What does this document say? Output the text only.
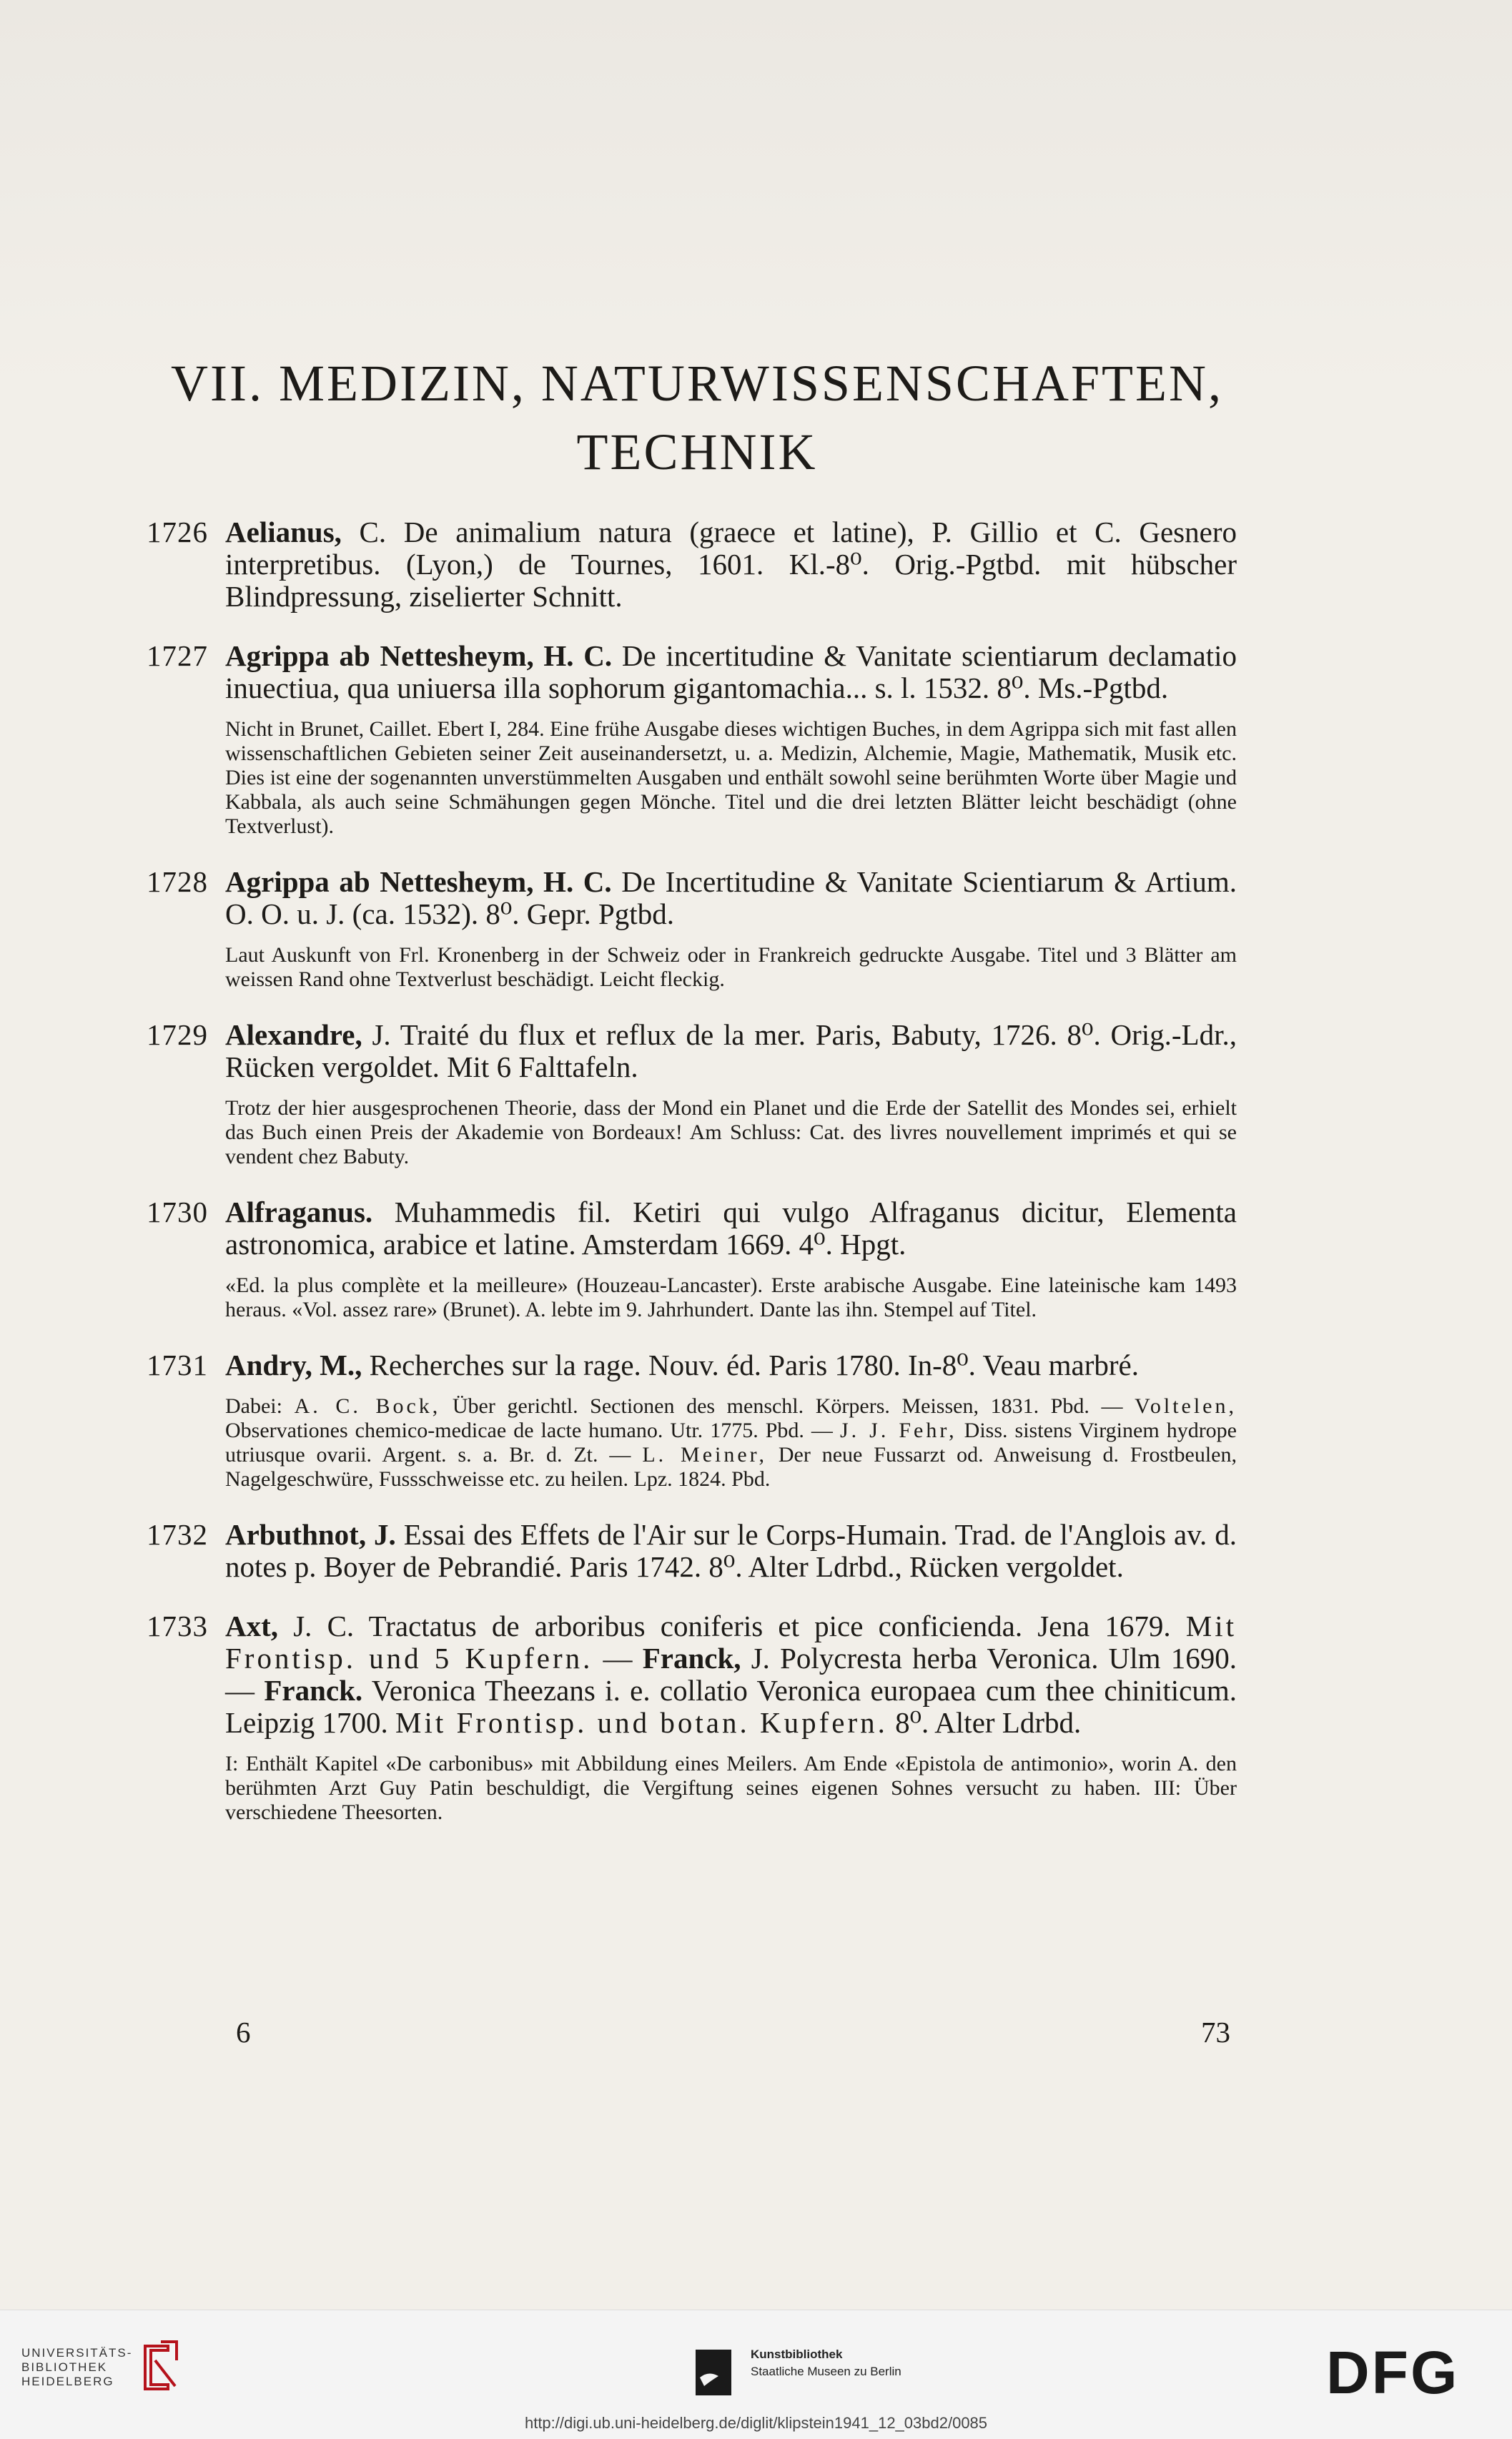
VII. MEDIZIN, NATURWISSENSCHAFTEN,
TECHNIK
1726 Aelianus, C. De animalium natura (graece et latine), P. Gillio et C. Gesnero interpretibus. (Lyon,) de Tournes, 1601. Kl.-8⁰. Orig.-Pgtbd. mit hübscher Blindpressung, ziselierter Schnitt.

1727 Agrippa ab Nettesheym, H. C. De incertitudine & Vanitate scientiarum declamatio inuectiua, qua uniuersa illa sophorum gigantomachia... s. l. 1532. 8⁰. Ms.-Pgtbd.

Nicht in Brunet, Caillet. Ebert I, 284. Eine frühe Ausgabe dieses wichtigen Buches, in dem Agrippa sich mit fast allen wissenschaftlichen Gebieten seiner Zeit auseinandersetzt, u. a. Medizin, Alchemie, Magie, Mathematik, Musik etc. Dies ist eine der sogenannten unverstümmelten Ausgaben und enthält sowohl seine berühmten Worte über Magie und Kabbala, als auch seine Schmähungen gegen Mönche. Titel und die drei letzten Blätter leicht beschädigt (ohne Textverlust).

1728 Agrippa ab Nettesheym, H. C. De Incertitudine & Vanitate Scientiarum & Artium. O. O. u. J. (ca. 1532). 8⁰. Gepr. Pgtbd.

Laut Auskunft von Frl. Kronenberg in der Schweiz oder in Frankreich gedruckte Ausgabe. Titel und 3 Blätter am weissen Rand ohne Textverlust beschädigt. Leicht fleckig.

1729 Alexandre, J. Traité du flux et reflux de la mer. Paris, Babuty, 1726. 8⁰. Orig.-Ldr., Rücken vergoldet. Mit 6 Falttafeln.

Trotz der hier ausgesprochenen Theorie, dass der Mond ein Planet und die Erde der Satellit des Mondes sei, erhielt das Buch einen Preis der Akademie von Bordeaux! Am Schluss: Cat. des livres nouvellement imprimés et qui se vendent chez Babuty.

1730 Alfraganus. Muhammedis fil. Ketiri qui vulgo Alfraganus dicitur, Elementa astronomica, arabice et latine. Amsterdam 1669. 4⁰. Hpgt.

«Ed. la plus complète et la meilleure» (Houzeau-Lancaster). Erste arabische Ausgabe. Eine lateinische kam 1493 heraus. «Vol. assez rare» (Brunet). A. lebte im 9. Jahrhundert. Dante las ihn. Stempel auf Titel.

1731 Andry, M., Recherches sur la rage. Nouv. éd. Paris 1780. In-8⁰. Veau marbré.

Dabei: A. C. Bock, Über gerichtl. Sectionen des menschl. Körpers. Meissen, 1831. Pbd. — Voltelen, Observationes chemico-medicae de lacte humano. Utr. 1775. Pbd. — J. J. Fehr, Diss. sistens Virginem hydrope utriusque ovarii. Argent. s. a. Br. d. Zt. — L. Meiner, Der neue Fussarzt od. Anweisung d. Frostbeulen, Nagelgeschwüre, Fussschweisse etc. zu heilen. Lpz. 1824. Pbd.

1732 Arbuthnot, J. Essai des Effets de l'Air sur le Corps-Humain. Trad. de l'Anglois av. d. notes p. Boyer de Pebrandié. Paris 1742. 8⁰. Alter Ldrbd., Rücken vergoldet.

1733 Axt, J. C. Tractatus de arboribus coniferis et pice conficienda. Jena 1679. Mit Frontisp. und 5 Kupfern. — Franck, J. Polycresta herba Veronica. Ulm 1690. — Franck. Veronica Theezans i. e. collatio Veronica europaea cum thee chiniticum. Leipzig 1700. Mit Frontisp. und botan. Kupfern. 8⁰. Alter Ldrbd.

I: Enthält Kapitel «De carbonibus» mit Abbildung eines Meilers. Am Ende «Epistola de antimonio», worin A. den berühmten Arzt Guy Patin beschuldigt, die Vergiftung seines eigenen Sohnes versucht zu haben. III: Über verschiedene Theesorten.

6	73
UNIVERSITÄTS-
BIBLIOTHEK
HEIDELBERG
Kunstbibliothek
Staatliche Museen zu Berlin	DFG
http://digi.ub.uni-heidelberg.de/diglit/klipstein1941_12_03bd2/0085
